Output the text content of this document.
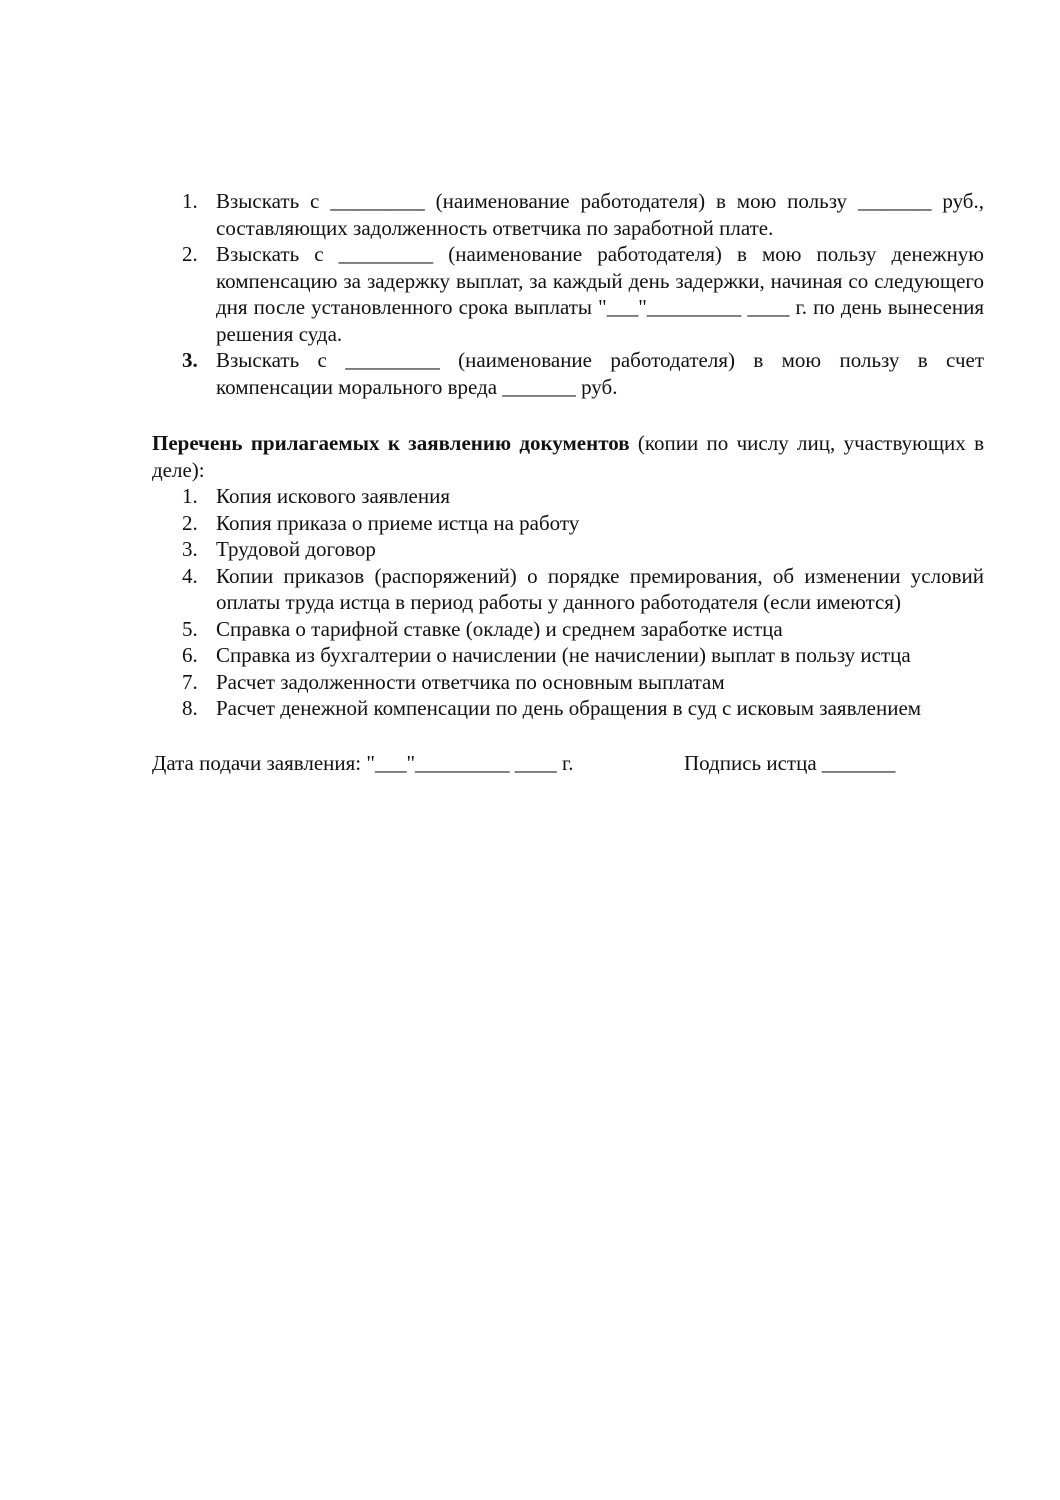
1. Взыскать с _________ (наименование работодателя) в мою пользу _______ руб., составляющих задолженность ответчика по заработной плате.
2. Взыскать с _________ (наименование работодателя) в мою пользу денежную компенсацию за задержку выплат, за каждый день задержки, начиная со следующего дня после установленного срока выплаты "___"_________ ____ г. по день вынесения решения суда.
3. Взыскать с _________ (наименование работодателя) в мою пользу в счет компенсации морального вреда _______ руб.

Перечень прилагаемых к заявлению документов (копии по числу лиц, участвующих в деле):

1. Копия искового заявления
2. Копия приказа о приеме истца на работу
3. Трудовой договор
4. Копии приказов (распоряжений) о порядке премирования, об изменении условий оплаты труда истца в период работы у данного работодателя (если имеются)
5. Справка о тарифной ставке (окладе) и среднем заработке истца
6. Справка из бухгалтерии о начислении (не начислении) выплат в пользу истца
7. Расчет задолженности ответчика по основным выплатам
8. Расчет денежной компенсации по день обращения в суд с исковым заявлением
Дата подачи заявления: "___"_________ ____ г.	Подпись истца _______
